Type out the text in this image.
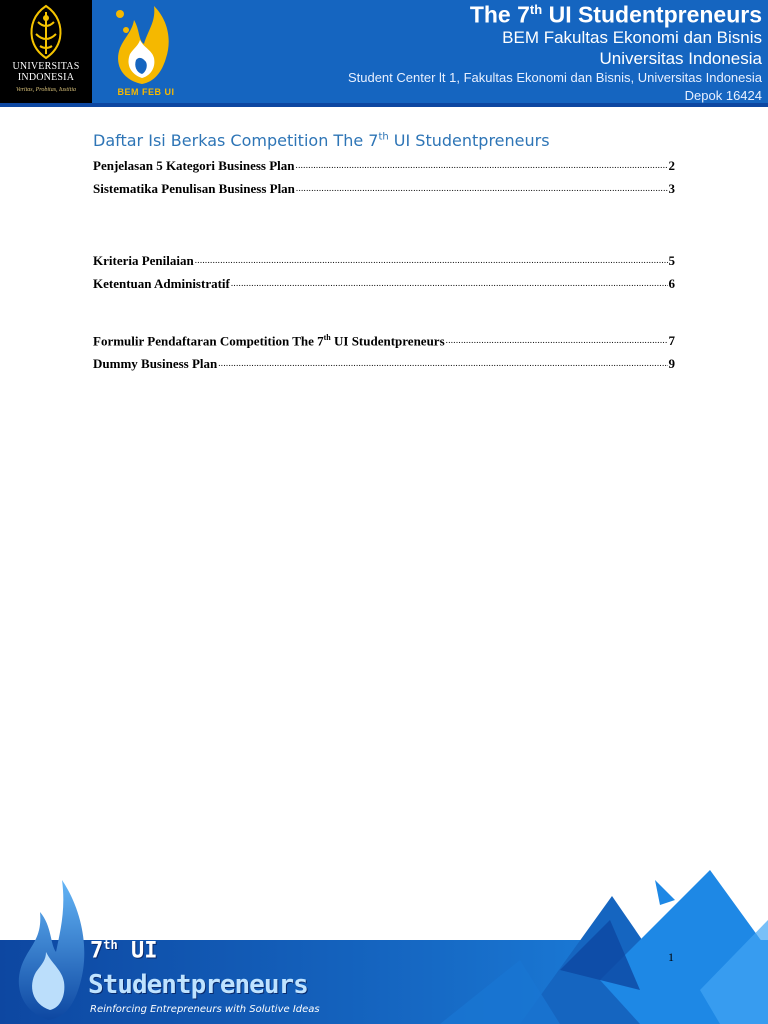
UNIVERSITAS
INDONESIA
Veritas, Probitas, Iustitia	BEM FEB UI
The 7th UI Studentpreneurs
BEM Fakultas Ekonomi dan Bisnis
Universitas Indonesia
Student Center lt 1, Fakultas Ekonomi dan Bisnis, Universitas Indonesia
Depok 16424
Daftar Isi Berkas Competition The 7th UI Studentpreneurs
Penjelasan 5 Kategori Business Plan .....	2
Sistematika Penulisan Business Plan .....	3
Kriteria Penilaian .....	5
Ketentuan Administratif .....	6
Formulir Pendaftaran Competition The 7th UI Studentpreneurs .....	7
Dummy Business Plan .....	9
1
7th UI
Studentpreneurs
Reinforcing Entrepreneurs with Solutive Ideas
